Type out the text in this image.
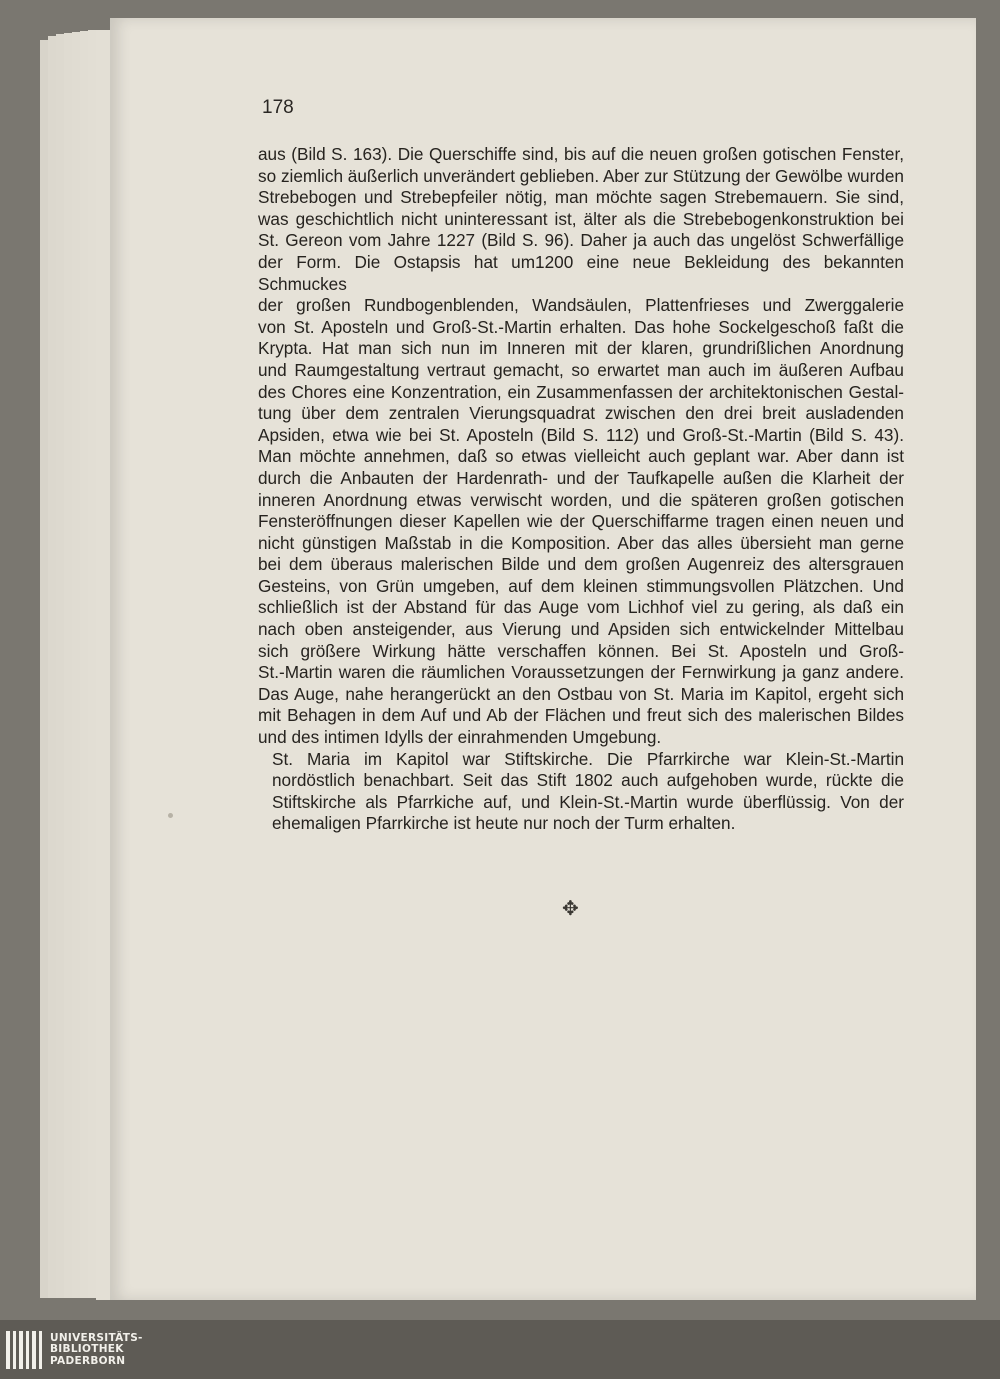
178

aus (Bild S. 163). Die Querschiffe sind, bis auf die neuen großen gotischen Fenster,
so ziemlich äußerlich unverändert geblieben. Aber zur Stützung der Gewölbe wurden
Strebebogen und Strebepfeiler nötig, man möchte sagen Strebemauern. Sie sind,
was geschichtlich nicht uninteressant ist, älter als die Strebebogenkonstruktion bei
St. Gereon vom Jahre 1227 (Bild S. 96). Daher ja auch das ungelöst Schwerfällige
der Form. Die Ostapsis hat um1200 eine neue Bekleidung des bekannten Schmuckes
der großen Rundbogenblenden, Wandsäulen, Plattenfrieses und Zwerggalerie
von St. Aposteln und Groß-St.-Martin erhalten. Das hohe Sockelgeschoß faßt die
Krypta. Hat man sich nun im Inneren mit der klaren, grundrißlichen Anordnung
und Raumgestaltung vertraut gemacht, so erwartet man auch im äußeren Aufbau
des Chores eine Konzentration, ein Zusammenfassen der architektonischen Gestal-
tung über dem zentralen Vierungsquadrat zwischen den drei breit ausladenden
Apsiden, etwa wie bei St. Aposteln (Bild S. 112) und Groß-St.-Martin (Bild S. 43).
Man möchte annehmen, daß so etwas vielleicht auch geplant war. Aber dann ist
durch die Anbauten der Hardenrath- und der Taufkapelle außen die Klarheit der
inneren Anordnung etwas verwischt worden, und die späteren großen gotischen
Fensteröffnungen dieser Kapellen wie der Querschiffarme tragen einen neuen und
nicht günstigen Maßstab in die Komposition. Aber das alles übersieht man gerne
bei dem überaus malerischen Bilde und dem großen Augenreiz des altersgrauen
Gesteins, von Grün umgeben, auf dem kleinen stimmungsvollen Plätzchen. Und
schließlich ist der Abstand für das Auge vom Lichhof viel zu gering, als daß ein
nach oben ansteigender, aus Vierung und Apsiden sich entwickelnder Mittelbau
sich größere Wirkung hätte verschaffen können. Bei St. Aposteln und Groß-
St.-Martin waren die räumlichen Voraussetzungen der Fernwirkung ja ganz andere.
Das Auge, nahe herangerückt an den Ostbau von St. Maria im Kapitol, ergeht sich
mit Behagen in dem Auf und Ab der Flächen und freut sich des malerischen Bildes
und des intimen Idylls der einrahmenden Umgebung.

St. Maria im Kapitol war Stiftskirche. Die Pfarrkirche war Klein-St.-Martin
nordöstlich benachbart. Seit das Stift 1802 auch aufgehoben wurde, rückte die
Stiftskirche als Pfarrkiche auf, und Klein-St.-Martin wurde überflüssig. Von der
ehemaligen Pfarrkirche ist heute nur noch der Turm erhalten.

✥
UNIVERSITÄTS-
BIBLIOTHEK
PADERBORN
